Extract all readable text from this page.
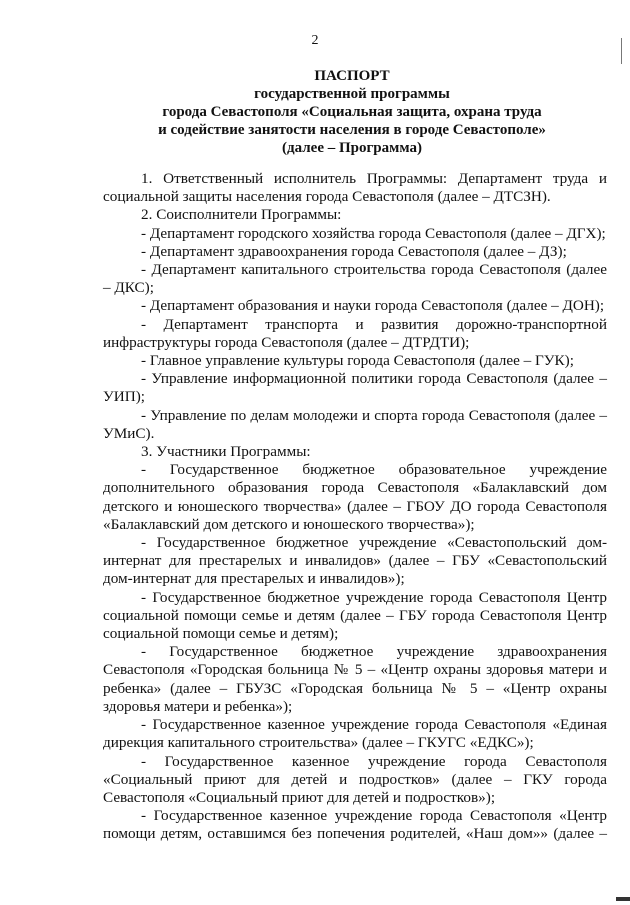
2
ПАСПОРТ
государственной программы
города Севастополя «Социальная защита, охрана труда
и содействие занятости населения в городе Севастополе»
(далее – Программа)

1. Ответственный исполнитель Программы: Департамент труда и социальной защиты населения города Севастополя (далее – ДТСЗН).

2. Соисполнители Программы:

- Департамент городского хозяйства города Севастополя (далее – ДГХ);

- Департамент здравоохранения города Севастополя (далее – ДЗ);

- Департамент капитального строительства города Севастополя (далее – ДКС);

- Департамент образования и науки города Севастополя (далее – ДОН);

- Департамент транспорта и развития дорожно-транспортной инфраструктуры города Севастополя (далее – ДТРДТИ);

- Главное управление культуры города Севастополя (далее – ГУК);

- Управление информационной политики города Севастополя (далее – УИП);

- Управление по делам молодежи и спорта города Севастополя (далее – УМиС).

3. Участники Программы:

- Государственное бюджетное образовательное учреждение дополнительного образования города Севастополя «Балаклавский дом детского и юношеского творчества» (далее – ГБОУ ДО города Севастополя «Балаклавский дом детского и юношеского творчества»);

- Государственное бюджетное учреждение «Севастопольский дом-интернат для престарелых и инвалидов» (далее – ГБУ «Севастопольский дом-интернат для престарелых и инвалидов»);

- Государственное бюджетное учреждение города Севастополя Центр социальной помощи семье и детям (далее – ГБУ города Севастополя Центр социальной помощи семье и детям);

- Государственное бюджетное учреждение здравоохранения Севастополя «Городская больница № 5 – «Центр охраны здоровья матери и ребенка» (далее – ГБУЗС «Городская больница № 5 – «Центр охраны здоровья матери и ребенка»);

- Государственное казенное учреждение города Севастополя «Единая дирекция капитального строительства» (далее – ГКУГС «ЕДКС»);

- Государственное казенное учреждение города Севастополя «Социальный приют для детей и подростков» (далее – ГКУ города Севастополя «Социальный приют для детей и подростков»);

- Государственное казенное учреждение города Севастополя «Центр помощи детям, оставшимся без попечения родителей, «Наш дом»» (далее –
